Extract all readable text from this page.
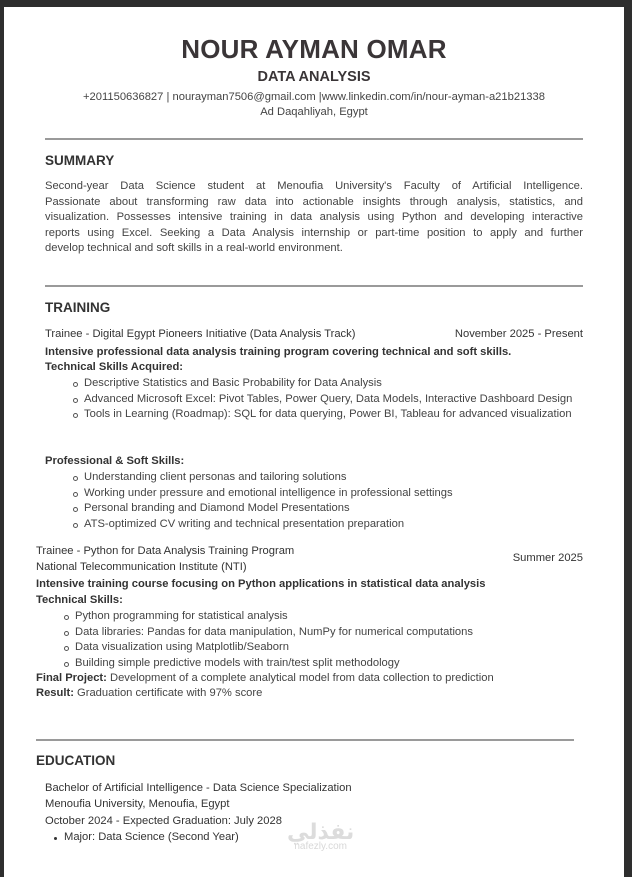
NOUR AYMAN OMAR
DATA ANALYSIS
+201150636827 | nourayman7506@gmail.com |www.linkedin.com/in/nour-ayman-a21b21338
Ad Daqahliyah, Egypt
SUMMARY
Second-year Data Science student at Menoufia University's Faculty of Artificial Intelligence.
Passionate about transforming raw data into actionable insights through analysis, statistics, and
visualization. Possesses intensive training in data analysis using Python and developing interactive
reports using Excel. Seeking a Data Analysis internship or part-time position to apply and further
develop technical and soft skills in a real-world environment.
TRAINING
Trainee - Digital Egypt Pioneers Initiative (Data Analysis Track)	November 2025 - Present
Intensive professional data analysis training program covering technical and soft skills.
Technical Skills Acquired:
Descriptive Statistics and Basic Probability for Data Analysis
Advanced Microsoft Excel: Pivot Tables, Power Query, Data Models, Interactive Dashboard Design
Tools in Learning (Roadmap): SQL for data querying, Power BI, Tableau for advanced visualization
Professional & Soft Skills:
Understanding client personas and tailoring solutions
Working under pressure and emotional intelligence in professional settings
Personal branding and Diamond Model Presentations
ATS-optimized CV writing and technical presentation preparation
Trainee - Python for Data Analysis Training Program
Summer 2025
National Telecommunication Institute (NTI)
Intensive training course focusing on Python applications in statistical data analysis
Technical Skills:
Python programming for statistical analysis
Data libraries: Pandas for data manipulation, NumPy for numerical computations
Data visualization using Matplotlib/Seaborn
Building simple predictive models with train/test split methodology
Final Project: Development of a complete analytical model from data collection to prediction
Result: Graduation certificate with 97% score
EDUCATION
Bachelor of Artificial Intelligence - Data Science Specialization
Menoufia University, Menoufia, Egypt
October 2024 - Expected Graduation: July 2028
Major: Data Science (Second Year)	نفذلي
nafezly.com
